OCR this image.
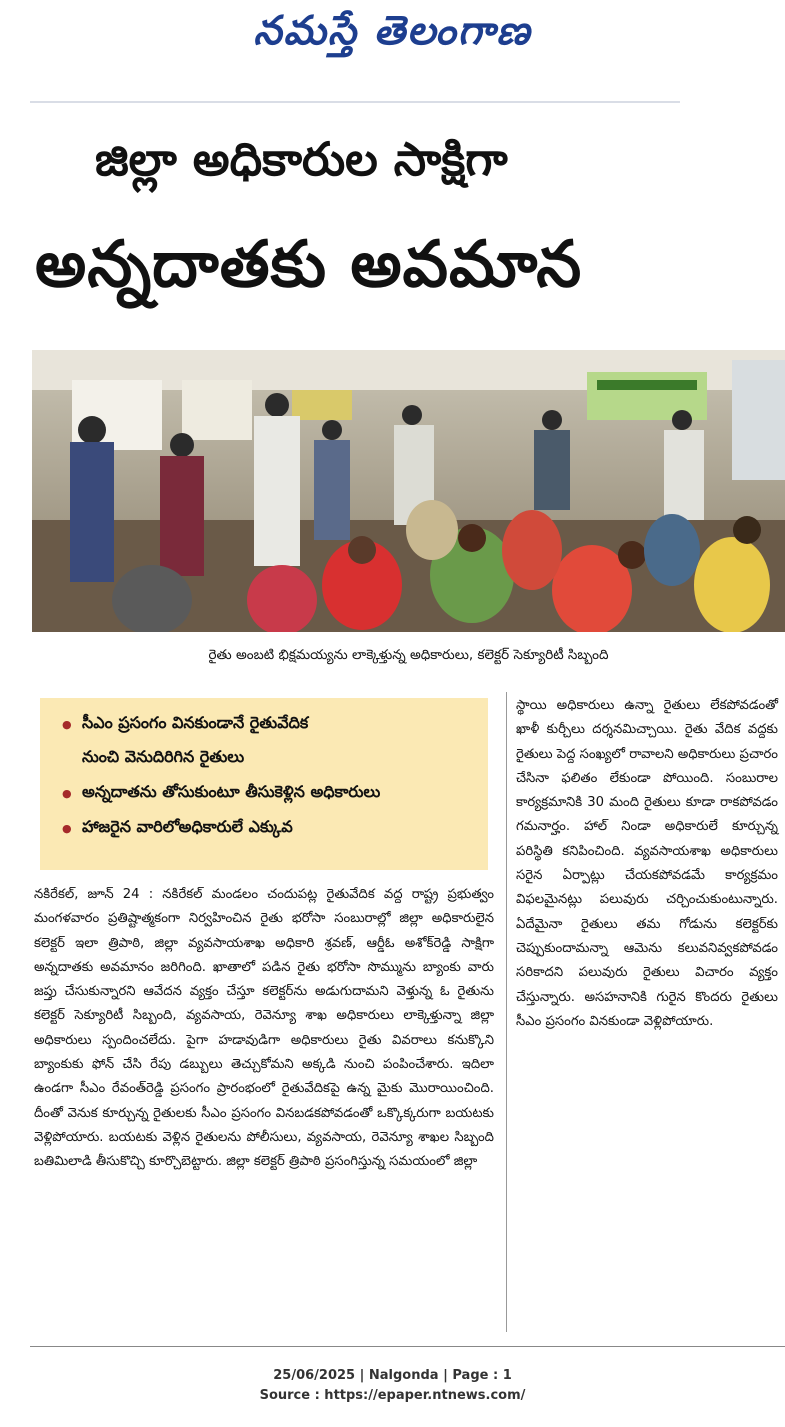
నమస్తే తెలంగాణ
జిల్లా అధికారుల సాక్షిగా
అన్నదాతకు అవమాన
రైతు అంబటి భిక్షమయ్యను లాక్కెళ్తున్న అధికారులు, కలెక్టర్ సెక్యూరిటీ సిబ్బంది
● సీఎం ప్రసంగం వినకుండానే రైతువేదిక
నుంచి వెనుదిరిగిన రైతులు
● అన్నదాతను తోసుకుంటూ తీసుకెళ్లిన అధికారులు
● హాజరైన వారిలోఅధికారులే ఎక్కువ

నకిరేకల్, జూన్ 24 : నకిరేకల్ మండలం చందుపట్ల రైతువేదిక వద్ద రాష్ట్ర ప్రభుత్వం మంగళవారం ప్రతిష్టాత్మకంగా నిర్వహించిన రైతు భరోసా సంబురాల్లో జిల్లా అధికారులైన కలెక్టర్ ఇలా త్రిపాఠి, జిల్లా వ్యవసాయశాఖ అధికారి శ్రవణ్, ఆర్డీఓ అశోక్‌రెడ్డి సాక్షిగా అన్నదాతకు అవమానం జరిగింది. ఖాతాలో పడిన రైతు భరోసా సొమ్మును బ్యాంకు వారు జప్తు చేసుకున్నారని ఆవేదన వ్యక్తం చేస్తూ కలెక్టర్‌ను అడుగుదామని వెళ్తున్న ఓ రైతును కలెక్టర్ సెక్యూరిటీ సిబ్బంది, వ్యవసాయ, రెవెన్యూ శాఖ అధికారులు లాక్కెళ్తున్నా జిల్లా అధికారులు స్పందించలేదు. పైగా హడావుడిగా అధికారులు రైతు వివరాలు కనుక్కొని బ్యాంకుకు ఫోన్ చేసి రేపు డబ్బులు తెచ్చుకోమని అక్కడి నుంచి పంపించేశారు. ఇదిలా ఉండగా సీఎం రేవంత్‌రెడ్డి ప్రసంగం ప్రారంభంలో రైతువేదికపై ఉన్న మైకు మొరాయించింది. దీంతో వెనుక కూర్చున్న రైతులకు సీఎం ప్రసంగం వినబడకపోవడంతో ఒక్కొక్కరుగా బయటకు వెళ్లిపోయారు. బయటకు వెళ్లిన రైతులను పోలీసులు, వ్యవసాయ, రెవెన్యూ శాఖల సిబ్బంది బతిమిలాడి తీసుకొచ్చి కూర్చొబెట్టారు. జిల్లా కలెక్టర్ త్రిపాఠి ప్రసంగిస్తున్న సమయంలో జిల్లా

స్థాయి అధికారులు ఉన్నా రైతులు లేకపోవడంతో ఖాళీ కుర్చీలు దర్శనమిచ్చాయి. రైతు వేదిక వద్దకు రైతులు పెద్ద సంఖ్యలో రావాలని అధికారులు ప్రచారం చేసినా ఫలితం లేకుండా పోయింది. సంబురాల కార్యక్రమానికి 30 మంది రైతులు కూడా రాకపోవడం గమనార్హం. హాల్ నిండా అధికారులే కూర్చున్న పరిస్థితి కనిపించింది. వ్యవసాయశాఖ అధికారులు సరైన ఏర్పాట్లు చేయకపోవడమే కార్యక్రమం విఫలమైనట్లు పలువురు చర్చించుకుంటున్నారు. ఏదేమైనా రైతులు తమ గోడును కలెక్టర్‌కు చెప్పుకుందామన్నా ఆమెను కలువనివ్వకపోవడం సరికాదని పలువురు రైతులు విచారం వ్యక్తం చేస్తున్నారు. అసహనానికి గురైన కొందరు రైతులు సీఎం ప్రసంగం వినకుండా వెళ్లిపోయారు.

25/06/2025 | Nalgonda | Page : 1
Source : https://epaper.ntnews.com/
